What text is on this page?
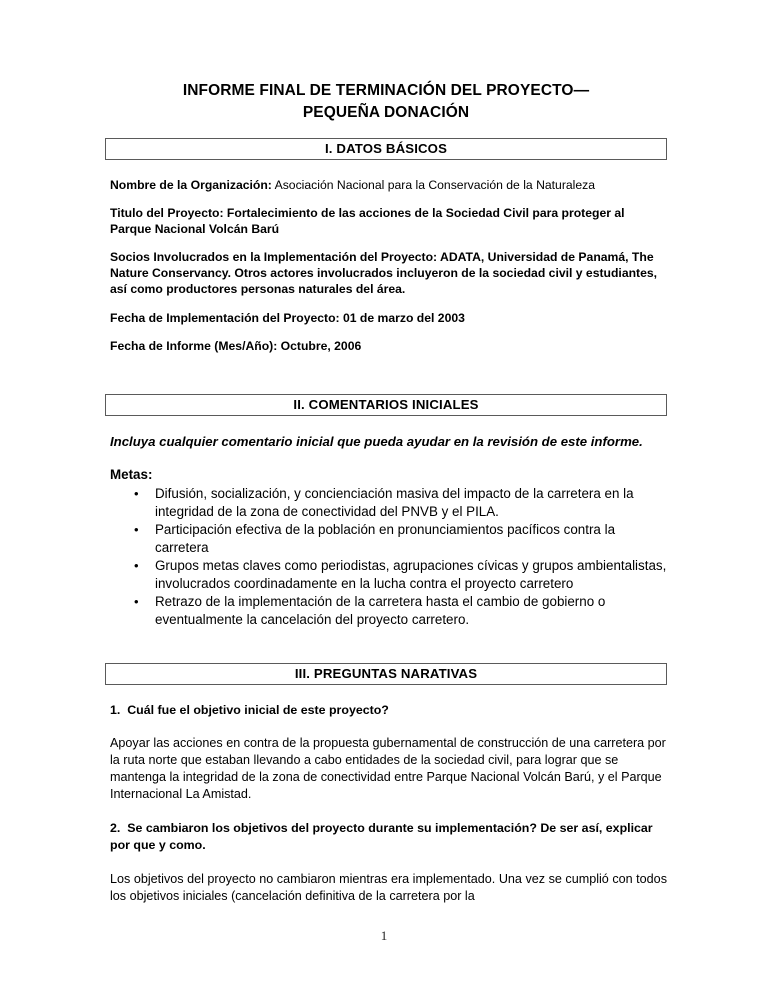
INFORME FINAL DE TERMINACIÓN DEL PROYECTO—
PEQUEÑA DONACIÓN
I. DATOS BÁSICOS

Nombre de la Organización: Asociación Nacional para la Conservación de la Naturaleza

Titulo del Proyecto: Fortalecimiento de las acciones de la Sociedad Civil para proteger al Parque Nacional Volcán Barú

Socios Involucrados en la Implementación del Proyecto: ADATA, Universidad de Panamá, The Nature Conservancy. Otros actores involucrados incluyeron de la sociedad civil y estudiantes, así como productores personas naturales del área.

Fecha de Implementación del Proyecto: 01 de marzo del 2003

Fecha de Informe (Mes/Año): Octubre, 2006

II. COMENTARIOS INICIALES

Incluya cualquier comentario inicial que pueda ayudar en la revisión de este informe.

Metas:

• Difusión, socialización, y concienciación masiva del impacto de la carretera en la integridad de la zona de conectividad del PNVB y el PILA.
• Participación efectiva de la población en pronunciamientos pacíficos contra la carretera
• Grupos metas claves como periodistas, agrupaciones cívicas y grupos ambientalistas, involucrados coordinadamente en la lucha contra el proyecto carretero
• Retrazo de la implementación de la carretera hasta el cambio de gobierno o eventualmente la cancelación del proyecto carretero.
III. PREGUNTAS NARATIVAS

1. Cuál fue el objetivo inicial de este proyecto?

Apoyar las acciones en contra de la propuesta gubernamental de construcción de una carretera por la ruta norte que estaban llevando a cabo entidades de la sociedad civil, para lograr que se mantenga la integridad de la zona de conectividad entre Parque Nacional Volcán Barú, y el Parque Internacional La Amistad.

2. Se cambiaron los objetivos del proyecto durante su implementación? De ser así, explicar por que y como.

Los objetivos del proyecto no cambiaron mientras era implementado. Una vez se cumplió con todos los objetivos iniciales (cancelación definitiva de la carretera por la

1
